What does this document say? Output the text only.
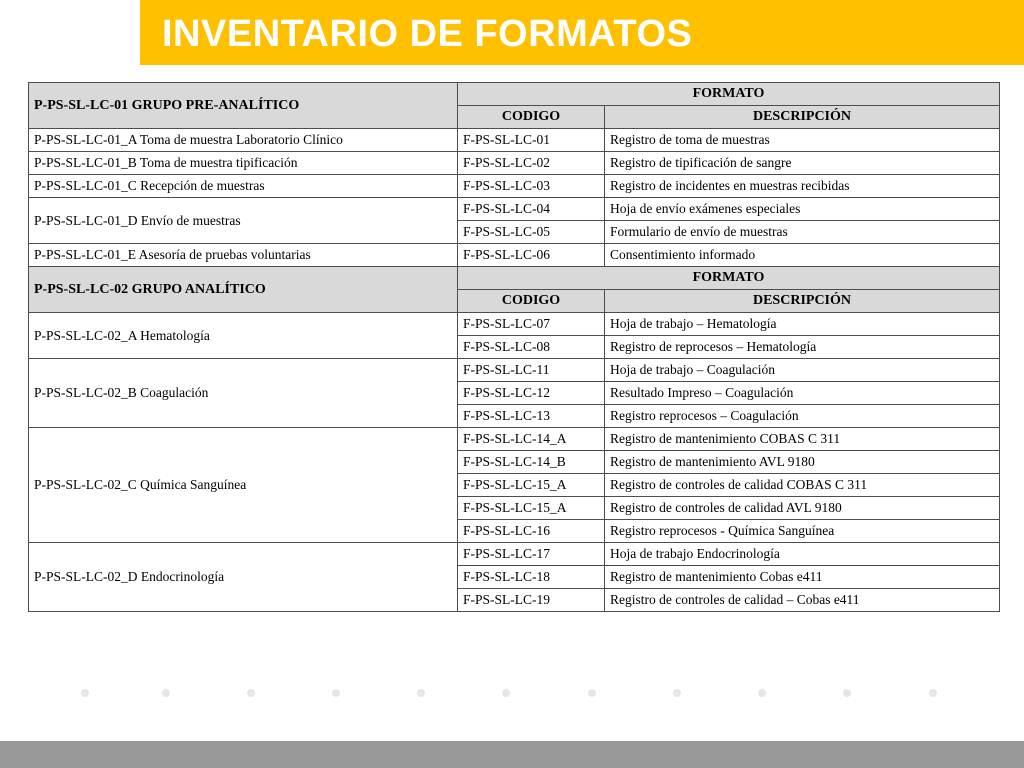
INVENTARIO DE FORMATOS
P-PS-SL-LC-01 GRUPO PRE-ANALÍTICO	FORMATO	
	CODIGO	DESCRIPCIÓN
P-PS-SL-LC-01_A Toma de muestra Laboratorio Clínico	F-PS-SL-LC-01	Registro de toma de muestras
P-PS-SL-LC-01_B Toma de muestra tipificación	F-PS-SL-LC-02	Registro de tipificación de sangre
P-PS-SL-LC-01_C Recepción de muestras	F-PS-SL-LC-03	Registro de incidentes en muestras recibidas
P-PS-SL-LC-01_D Envío de muestras	F-PS-SL-LC-04	Hoja de envío exámenes especiales
	F-PS-SL-LC-05	Formulario de envío de muestras
P-PS-SL-LC-01_E Asesoría de pruebas voluntarias	F-PS-SL-LC-06	Consentimiento informado
P-PS-SL-LC-02 GRUPO ANALÍTICO	FORMATO	
	CODIGO	DESCRIPCIÓN
P-PS-SL-LC-02_A Hematología	F-PS-SL-LC-07	Hoja de trabajo – Hematología
	F-PS-SL-LC-08	Registro de reprocesos – Hematología
P-PS-SL-LC-02_B Coagulación	F-PS-SL-LC-11	Hoja de trabajo – Coagulación
	F-PS-SL-LC-12	Resultado Impreso – Coagulación
	F-PS-SL-LC-13	Registro reprocesos – Coagulación
P-PS-SL-LC-02_C Química Sanguínea	F-PS-SL-LC-14_A	Registro de mantenimiento COBAS C 311
	F-PS-SL-LC-14_B	Registro de mantenimiento AVL 9180
	F-PS-SL-LC-15_A	Registro de controles de calidad COBAS C 311
	F-PS-SL-LC-15_A	Registro de controles de calidad AVL 9180
	F-PS-SL-LC-16	Registro reprocesos - Química Sanguínea
P-PS-SL-LC-02_D Endocrinología	F-PS-SL-LC-17	Hoja de trabajo Endocrinología
	F-PS-SL-LC-18	Registro de mantenimiento Cobas e411
	F-PS-SL-LC-19	Registro de controles de calidad – Cobas e411
